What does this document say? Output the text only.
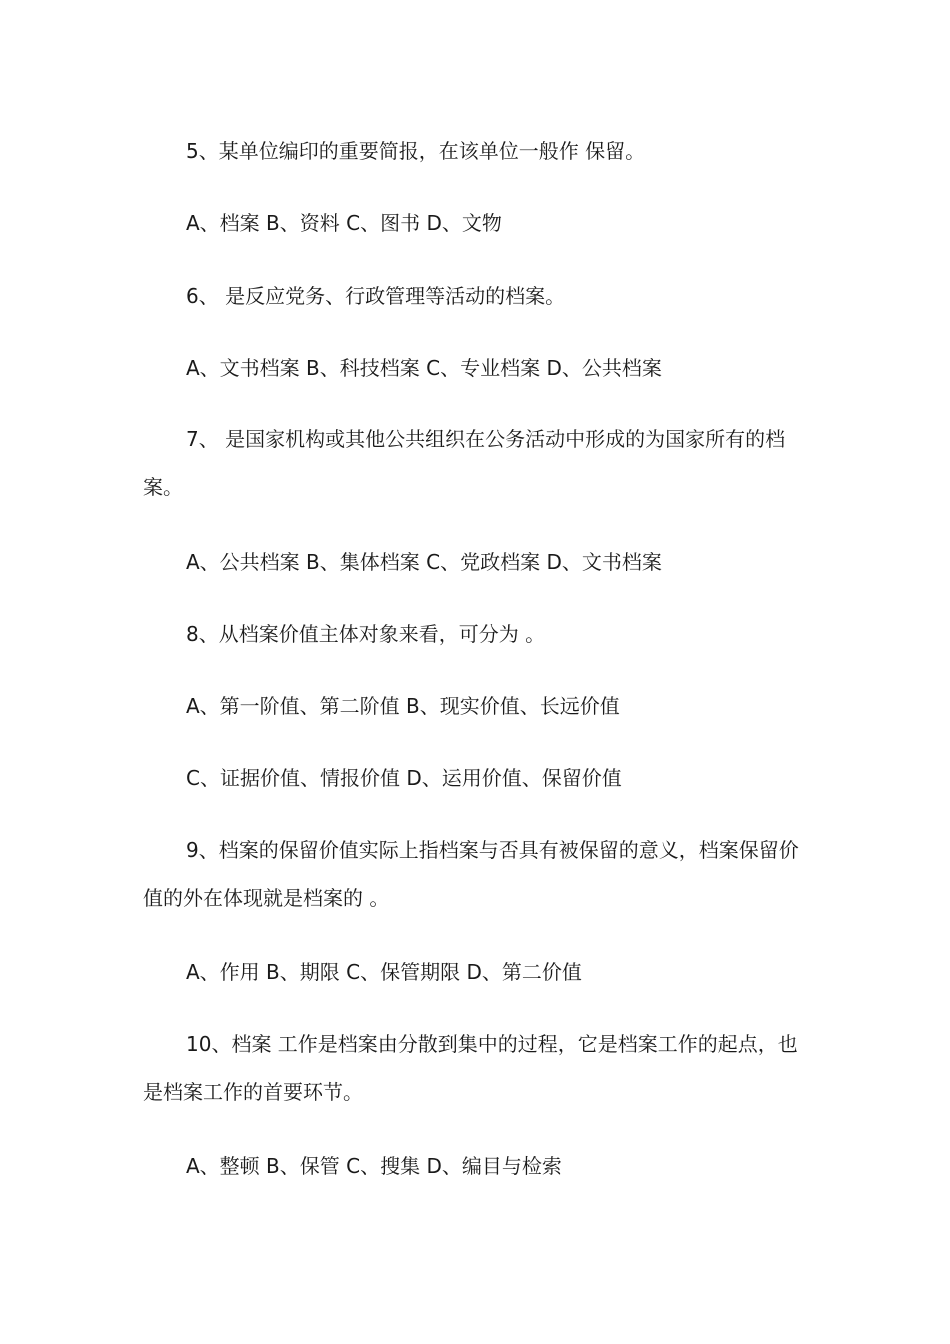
5、某单位编印的重要简报，在该单位一般作 保留。
A、档案 B、资料 C、图书 D、文物
6、 是反应党务、行政管理等活动的档案。
A、文书档案 B、科技档案 C、专业档案 D、公共档案
7、 是国家机构或其他公共组织在公务活动中形成的为国家所有的档案。
A、公共档案 B、集体档案 C、党政档案 D、文书档案
8、从档案价值主体对象来看，可分为 。
A、第一阶值、第二阶值 B、现实价值、长远价值
C、证据价值、情报价值 D、运用价值、保留价值
9、档案的保留价值实际上指档案与否具有被保留的意义，档案保留价值的外在体现就是档案的 。
A、作用 B、期限 C、保管期限 D、第二价值
10、档案 工作是档案由分散到集中的过程，它是档案工作的起点，也是档案工作的首要环节。
A、整顿 B、保管 C、搜集 D、编目与检索
